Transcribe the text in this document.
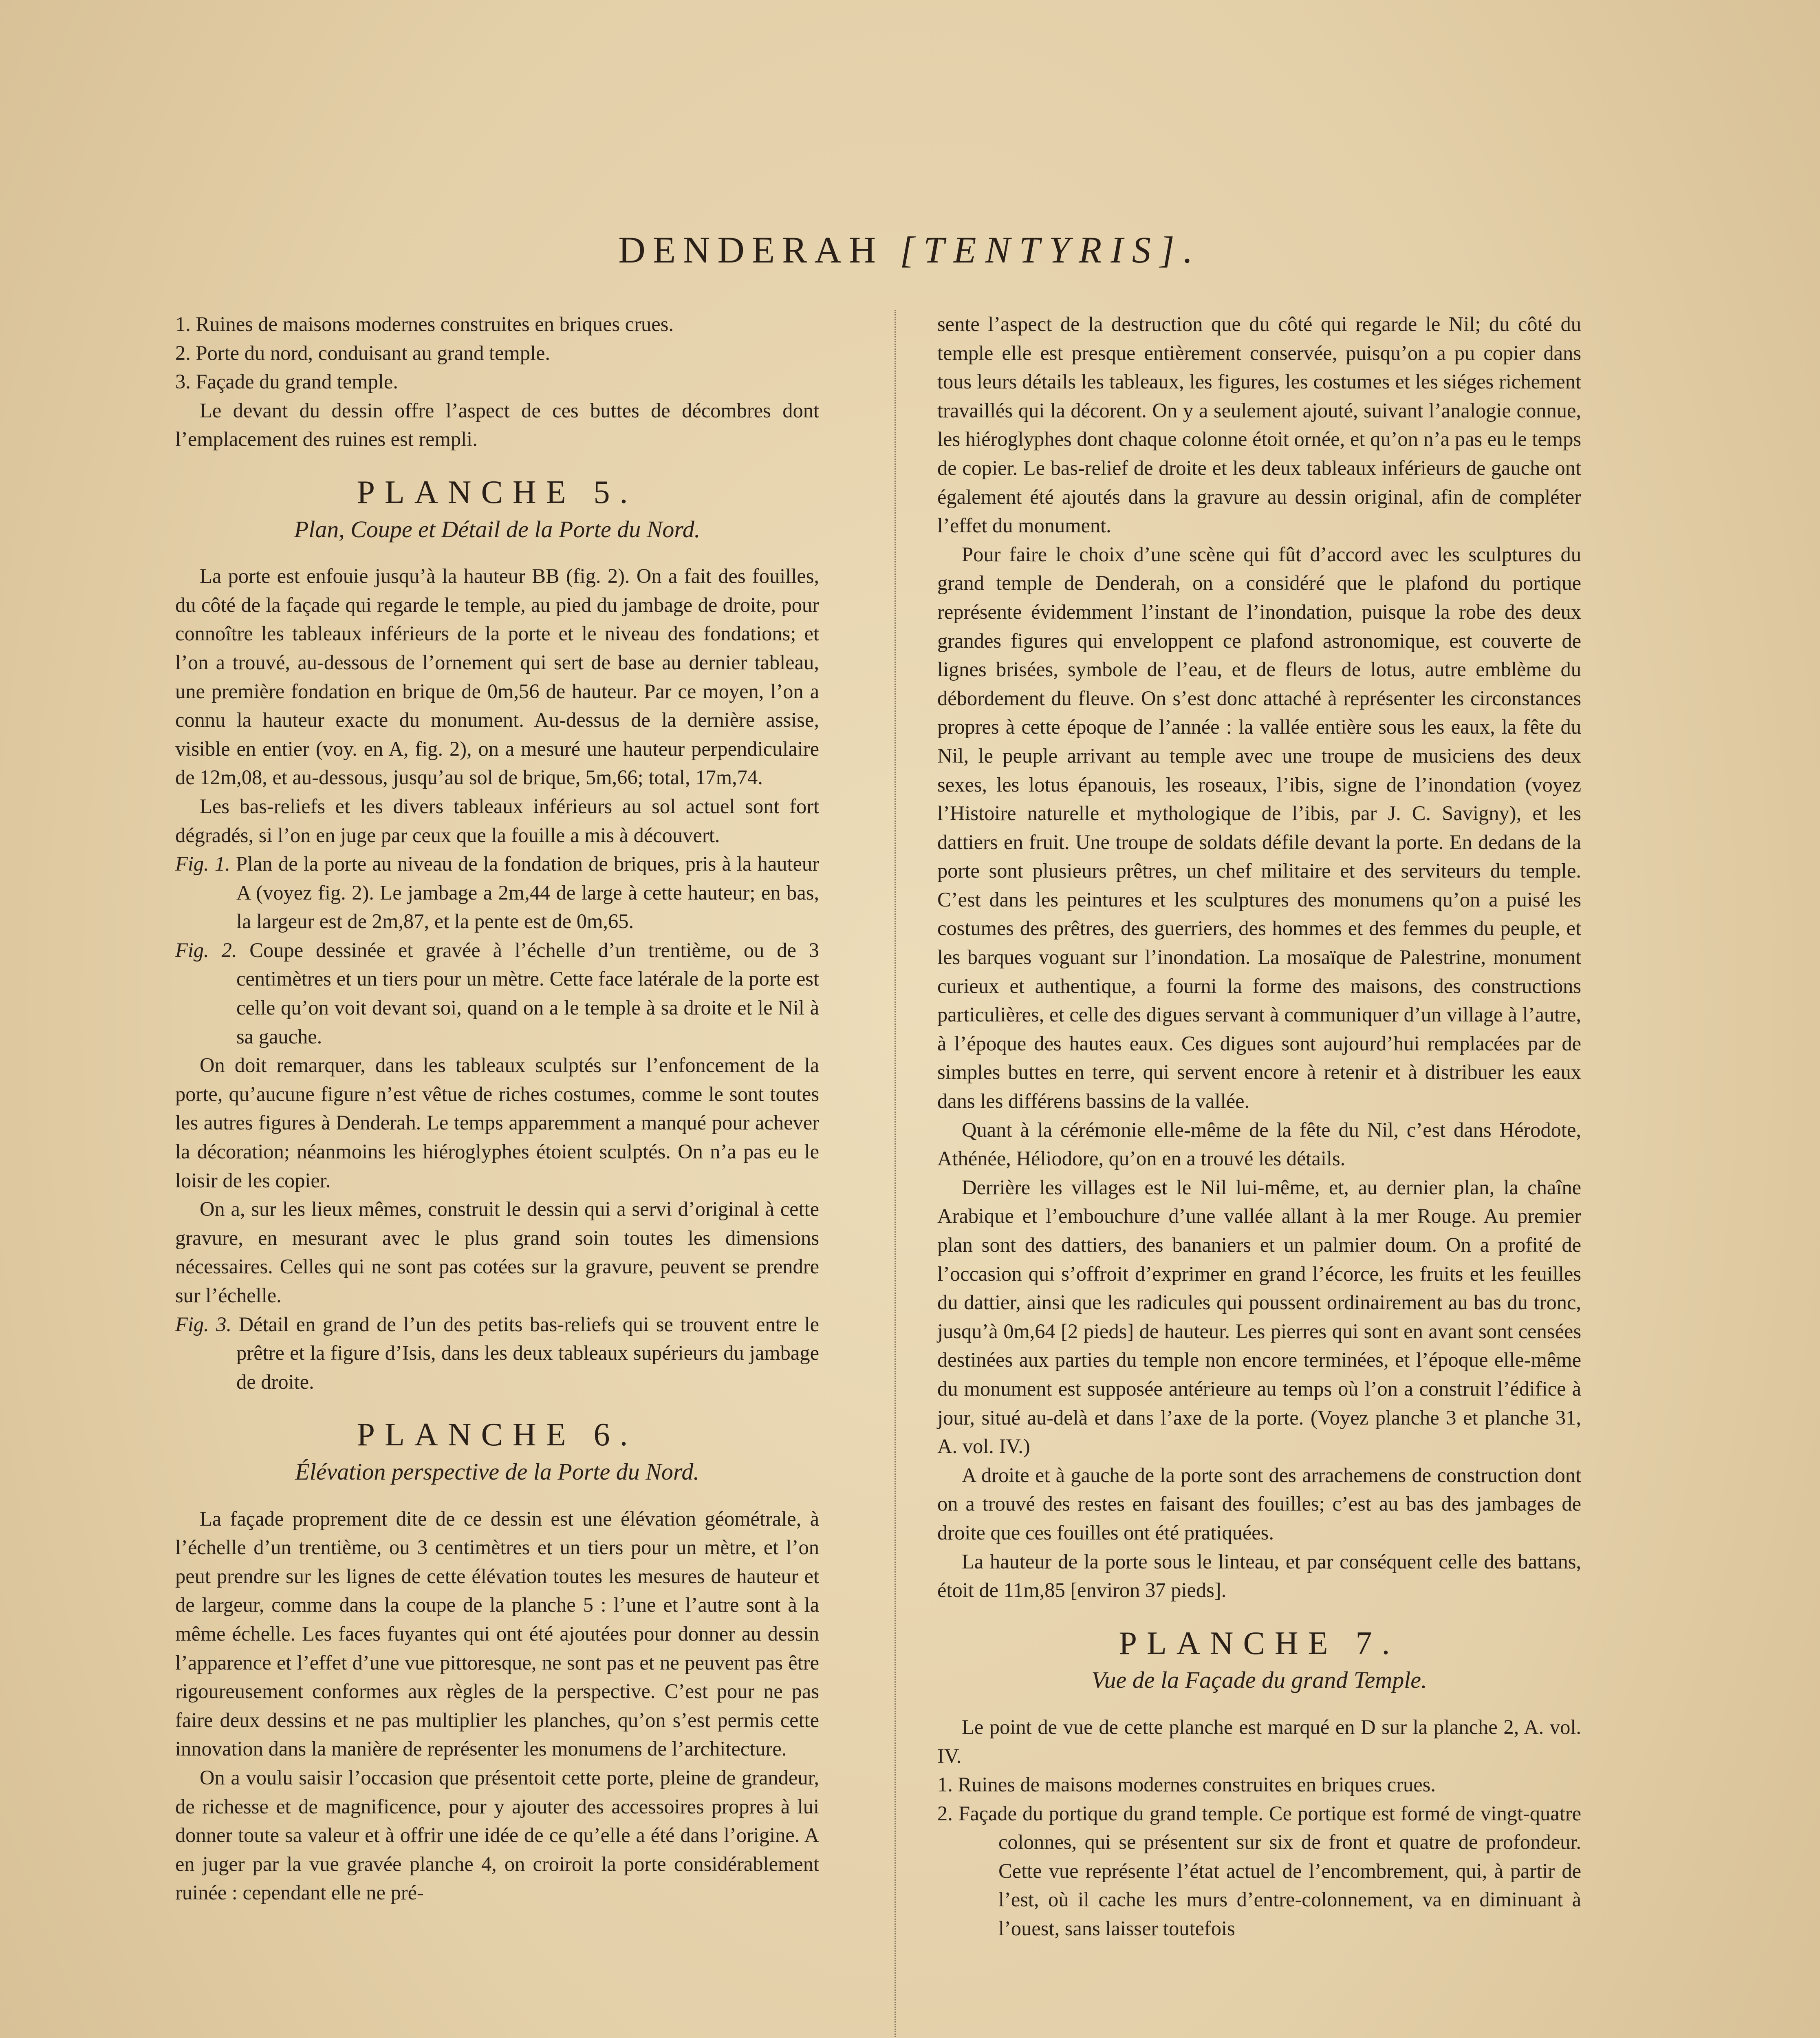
DENDERAH [TENTYRIS].

1. Ruines de maisons modernes construites en briques crues.

2. Porte du nord, conduisant au grand temple.

3. Façade du grand temple.

Le devant du dessin offre l’aspect de ces buttes de décombres dont l’emplacement des ruines est rempli.

PLANCHE 5.
Plan, Coupe et Détail de la Porte du Nord.

La porte est enfouie jusqu’à la hauteur BB (fig. 2). On a fait des fouilles, du côté de la façade qui regarde le temple, au pied du jambage de droite, pour connoître les tableaux inférieurs de la porte et le niveau des fondations; et l’on a trouvé, au-dessous de l’ornement qui sert de base au dernier tableau, une première fondation en brique de 0m,56 de hauteur. Par ce moyen, l’on a connu la hauteur exacte du monument. Au-dessus de la dernière assise, visible en entier (voy. en A, fig. 2), on a mesuré une hauteur perpendiculaire de 12m,08, et au-dessous, jusqu’au sol de brique, 5m,66; total, 17m,74.

Les bas-reliefs et les divers tableaux inférieurs au sol actuel sont fort dégradés, si l’on en juge par ceux que la fouille a mis à découvert.

Fig. 1. Plan de la porte au niveau de la fondation de briques, pris à la hauteur A (voyez fig. 2). Le jambage a 2m,44 de large à cette hauteur; en bas, la largeur est de 2m,87, et la pente est de 0m,65.

Fig. 2. Coupe dessinée et gravée à l’échelle d’un trentième, ou de 3 centimètres et un tiers pour un mètre. Cette face latérale de la porte est celle qu’on voit devant soi, quand on a le temple à sa droite et le Nil à sa gauche.

On doit remarquer, dans les tableaux sculptés sur l’enfoncement de la porte, qu’aucune figure n’est vêtue de riches costumes, comme le sont toutes les autres figures à Denderah. Le temps apparemment a manqué pour achever la décoration; néanmoins les hiéroglyphes étoient sculptés. On n’a pas eu le loisir de les copier.

On a, sur les lieux mêmes, construit le dessin qui a servi d’original à cette gravure, en mesurant avec le plus grand soin toutes les dimensions nécessaires. Celles qui ne sont pas cotées sur la gravure, peuvent se prendre sur l’échelle.

Fig. 3. Détail en grand de l’un des petits bas-reliefs qui se trouvent entre le prêtre et la figure d’Isis, dans les deux tableaux supérieurs du jambage de droite.

PLANCHE 6.
Élévation perspective de la Porte du Nord.

La façade proprement dite de ce dessin est une élévation géométrale, à l’échelle d’un trentième, ou 3 centimètres et un tiers pour un mètre, et l’on peut prendre sur les lignes de cette élévation toutes les mesures de hauteur et de largeur, comme dans la coupe de la planche 5 : l’une et l’autre sont à la même échelle. Les faces fuyantes qui ont été ajoutées pour donner au dessin l’apparence et l’effet d’une vue pittoresque, ne sont pas et ne peuvent pas être rigoureusement conformes aux règles de la perspective. C’est pour ne pas faire deux dessins et ne pas multiplier les planches, qu’on s’est permis cette innovation dans la manière de représenter les monumens de l’architecture.

On a voulu saisir l’occasion que présentoit cette porte, pleine de grandeur, de richesse et de magnificence, pour y ajouter des accessoires propres à lui donner toute sa valeur et à offrir une idée de ce qu’elle a été dans l’origine. A en juger par la vue gravée planche 4, on croiroit la porte considérablement ruinée : cependant elle ne pré-

sente l’aspect de la destruction que du côté qui regarde le Nil; du côté du temple elle est presque entièrement conservée, puisqu’on a pu copier dans tous leurs détails les tableaux, les figures, les costumes et les siéges richement travaillés qui la décorent. On y a seulement ajouté, suivant l’analogie connue, les hiéroglyphes dont chaque colonne étoit ornée, et qu’on n’a pas eu le temps de copier. Le bas-relief de droite et les deux tableaux inférieurs de gauche ont également été ajoutés dans la gravure au dessin original, afin de compléter l’effet du monument.

Pour faire le choix d’une scène qui fût d’accord avec les sculptures du grand temple de Denderah, on a considéré que le plafond du portique représente évidemment l’instant de l’inondation, puisque la robe des deux grandes figures qui enveloppent ce plafond astronomique, est couverte de lignes brisées, symbole de l’eau, et de fleurs de lotus, autre emblème du débordement du fleuve. On s’est donc attaché à représenter les circonstances propres à cette époque de l’année : la vallée entière sous les eaux, la fête du Nil, le peuple arrivant au temple avec une troupe de musiciens des deux sexes, les lotus épanouis, les roseaux, l’ibis, signe de l’inondation (voyez l’Histoire naturelle et mythologique de l’ibis, par J. C. Savigny), et les dattiers en fruit. Une troupe de soldats défile devant la porte. En dedans de la porte sont plusieurs prêtres, un chef militaire et des serviteurs du temple. C’est dans les peintures et les sculptures des monumens qu’on a puisé les costumes des prêtres, des guerriers, des hommes et des femmes du peuple, et les barques voguant sur l’inondation. La mosaïque de Palestrine, monument curieux et authentique, a fourni la forme des maisons, des constructions particulières, et celle des digues servant à communiquer d’un village à l’autre, à l’époque des hautes eaux. Ces digues sont aujourd’hui remplacées par de simples buttes en terre, qui servent encore à retenir et à distribuer les eaux dans les différens bassins de la vallée.

Quant à la cérémonie elle-même de la fête du Nil, c’est dans Hérodote, Athénée, Héliodore, qu’on en a trouvé les détails.

Derrière les villages est le Nil lui-même, et, au dernier plan, la chaîne Arabique et l’embouchure d’une vallée allant à la mer Rouge. Au premier plan sont des dattiers, des bananiers et un palmier doum. On a profité de l’occasion qui s’offroit d’exprimer en grand l’écorce, les fruits et les feuilles du dattier, ainsi que les radicules qui poussent ordinairement au bas du tronc, jusqu’à 0m,64 [2 pieds] de hauteur. Les pierres qui sont en avant sont censées destinées aux parties du temple non encore terminées, et l’époque elle-même du monument est supposée antérieure au temps où l’on a construit l’édifice à jour, situé au-delà et dans l’axe de la porte. (Voyez planche 3 et planche 31, A. vol. IV.)

A droite et à gauche de la porte sont des arrachemens de construction dont on a trouvé des restes en faisant des fouilles; c’est au bas des jambages de droite que ces fouilles ont été pratiquées.

La hauteur de la porte sous le linteau, et par conséquent celle des battans, étoit de 11m,85 [environ 37 pieds].

PLANCHE 7.
Vue de la Façade du grand Temple.

Le point de vue de cette planche est marqué en D sur la planche 2, A. vol. IV.

1. Ruines de maisons modernes construites en briques crues.

2. Façade du portique du grand temple. Ce portique est formé de vingt-quatre colonnes, qui se présentent sur six de front et quatre de profondeur. Cette vue représente l’état actuel de l’encombrement, qui, à partir de l’est, où il cache les murs d’entre-colonnement, va en diminuant à l’ouest, sans laisser toutefois
